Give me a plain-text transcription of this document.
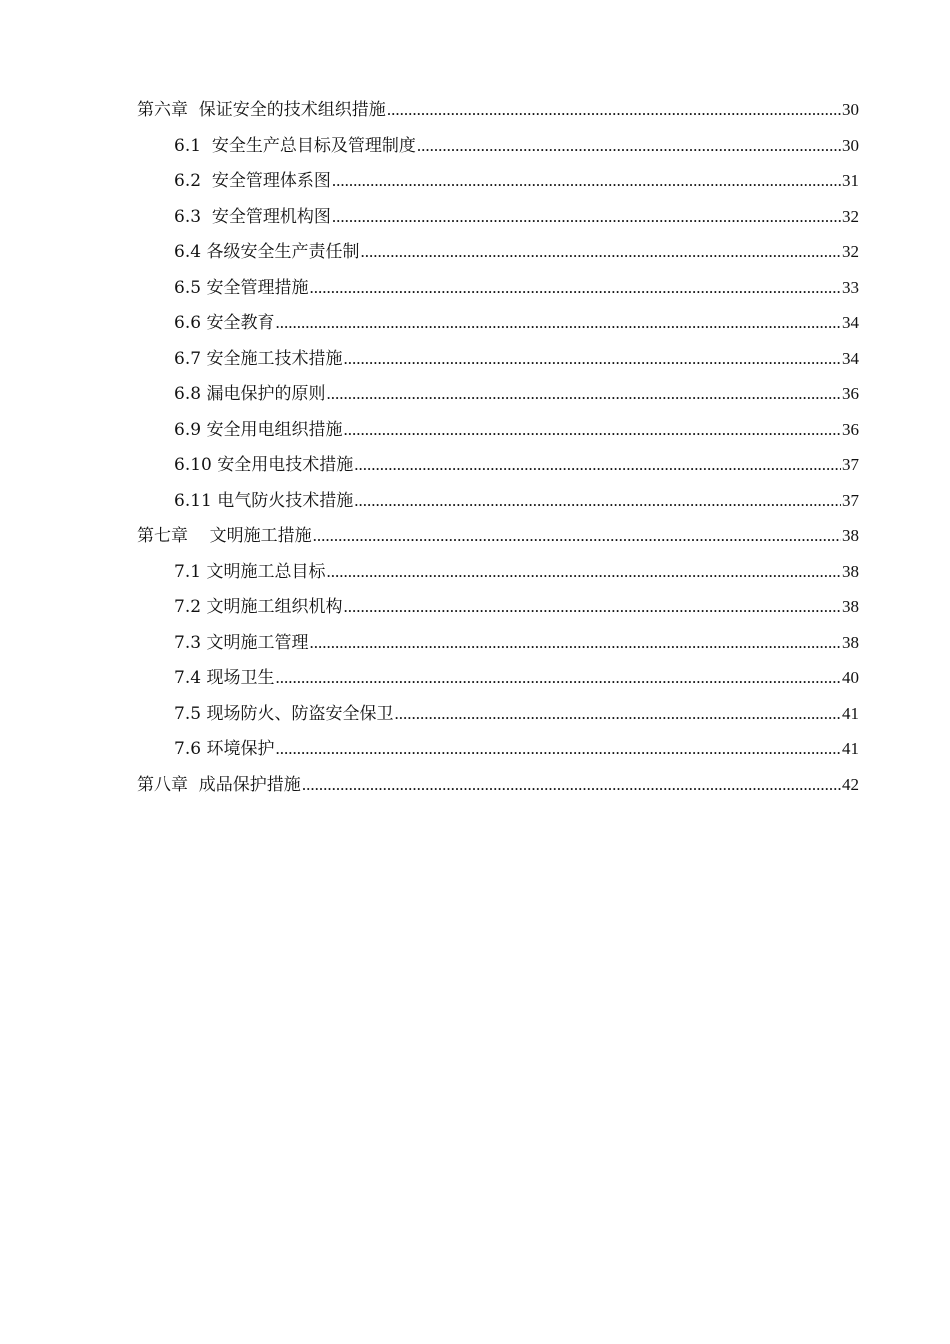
第六章  保证安全的技术组织措施 .....	30
6.1  安全生产总目标及管理制度 .....	30
6.2  安全管理体系图 .....	31
6.3  安全管理机构图 .....	32
6.4 各级安全生产责任制 .....	32
6.5 安全管理措施 .....	33
6.6 安全教育 .....	34
6.7 安全施工技术措施 .....	34
6.8 漏电保护的原则 .....	36
6.9 安全用电组织措施 .....	36
6.10 安全用电技术措施 .....	37
6.11 电气防火技术措施 .....	37
第七章    文明施工措施 .....	38
7.1 文明施工总目标 .....	38
7.2 文明施工组织机构 .....	38
7.3 文明施工管理 .....	38
7.4 现场卫生 .....	40
7.5 现场防火、防盗安全保卫 .....	41
7.6 环境保护 .....	41
第八章  成品保护措施 .....	42
